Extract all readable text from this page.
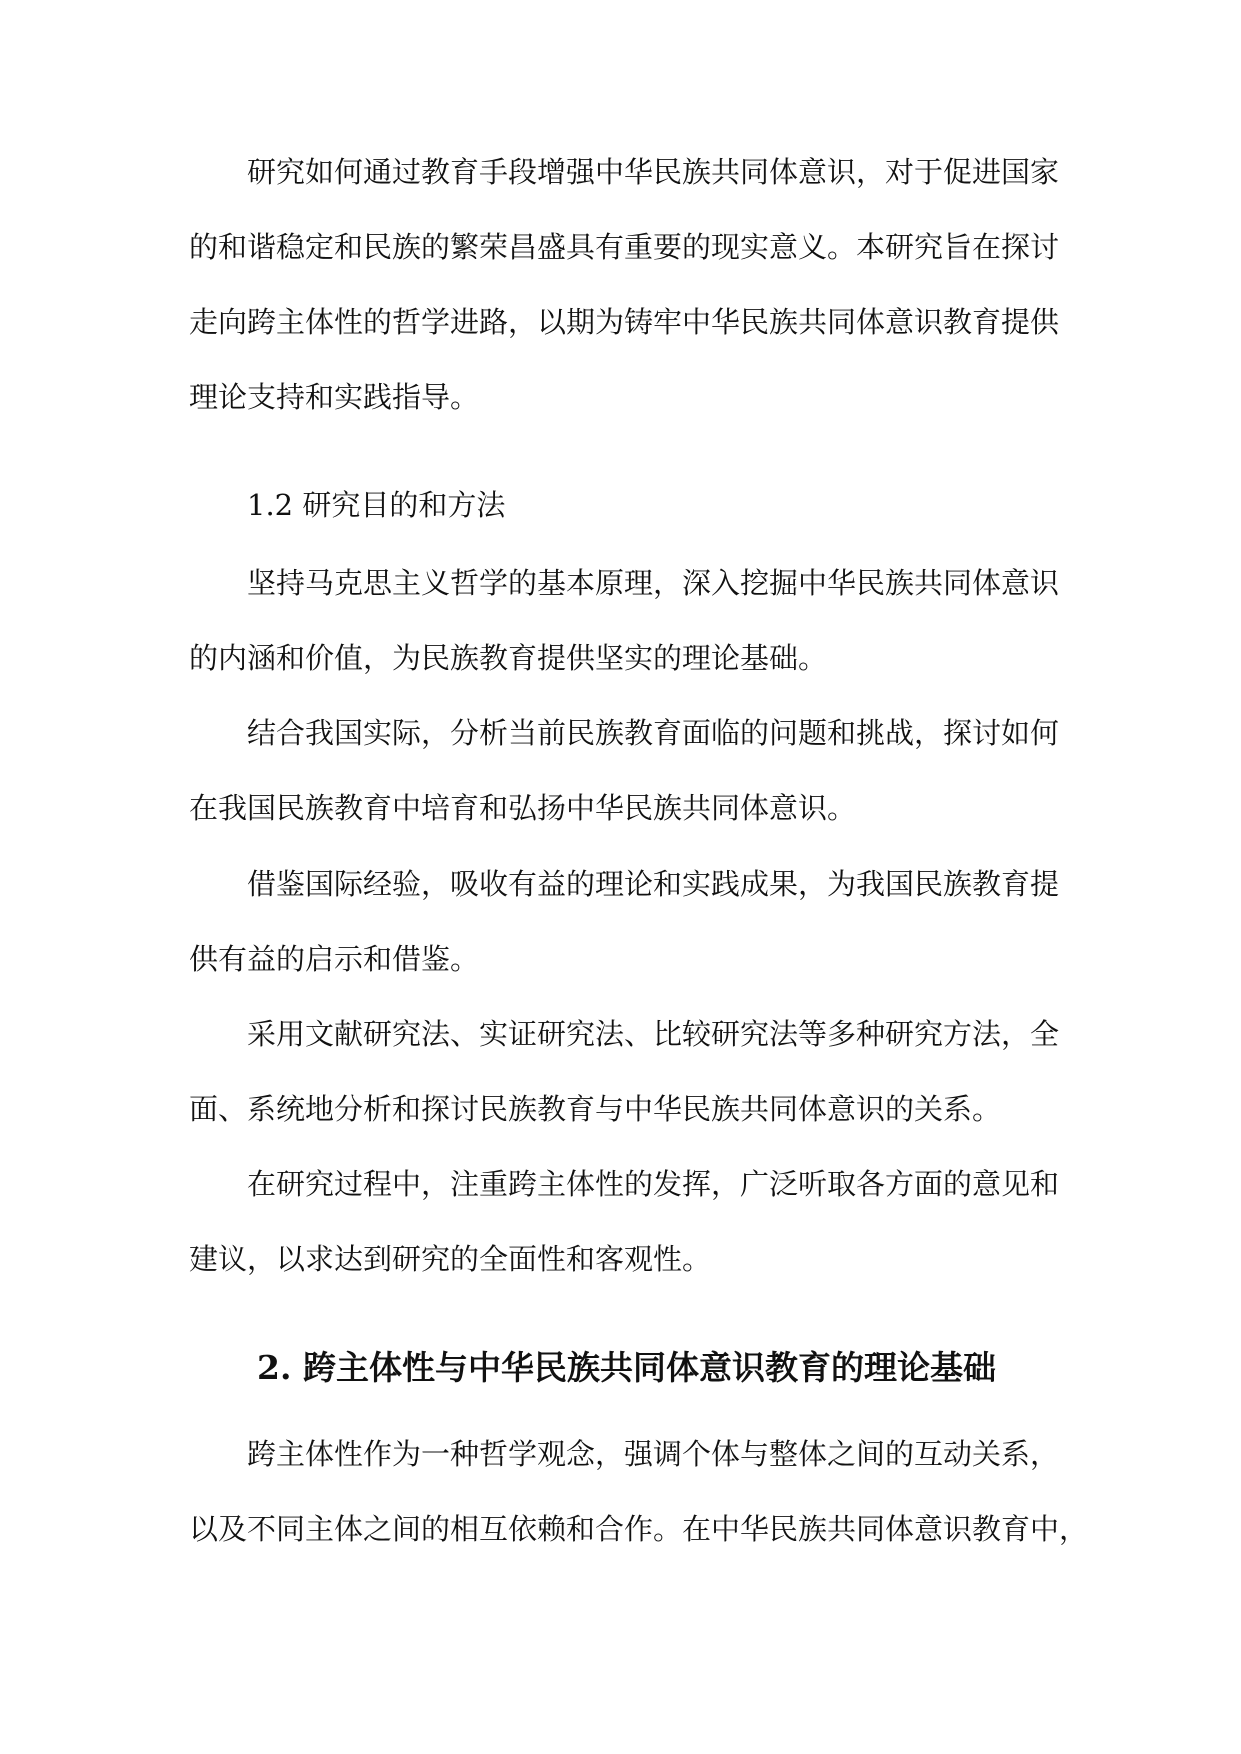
研究如何通过教育手段增强中华民族共同体意识，对于促进国家
的和谐稳定和民族的繁荣昌盛具有重要的现实意义。本研究旨在探讨
走向跨主体性的哲学进路，以期为铸牢中华民族共同体意识教育提供
理论支持和实践指导。
1.2 研究目的和方法
坚持马克思主义哲学的基本原理，深入挖掘中华民族共同体意识
的内涵和价值，为民族教育提供坚实的理论基础。
结合我国实际，分析当前民族教育面临的问题和挑战，探讨如何
在我国民族教育中培育和弘扬中华民族共同体意识。
借鉴国际经验，吸收有益的理论和实践成果，为我国民族教育提
供有益的启示和借鉴。
采用文献研究法、实证研究法、比较研究法等多种研究方法，全
面、系统地分析和探讨民族教育与中华民族共同体意识的关系。
在研究过程中，注重跨主体性的发挥，广泛听取各方面的意见和
建议，以求达到研究的全面性和客观性。
2. 跨主体性与中华民族共同体意识教育的理论基础
跨主体性作为一种哲学观念，强调个体与整体之间的互动关系，
以及不同主体之间的相互依赖和合作。在中华民族共同体意识教育中，
